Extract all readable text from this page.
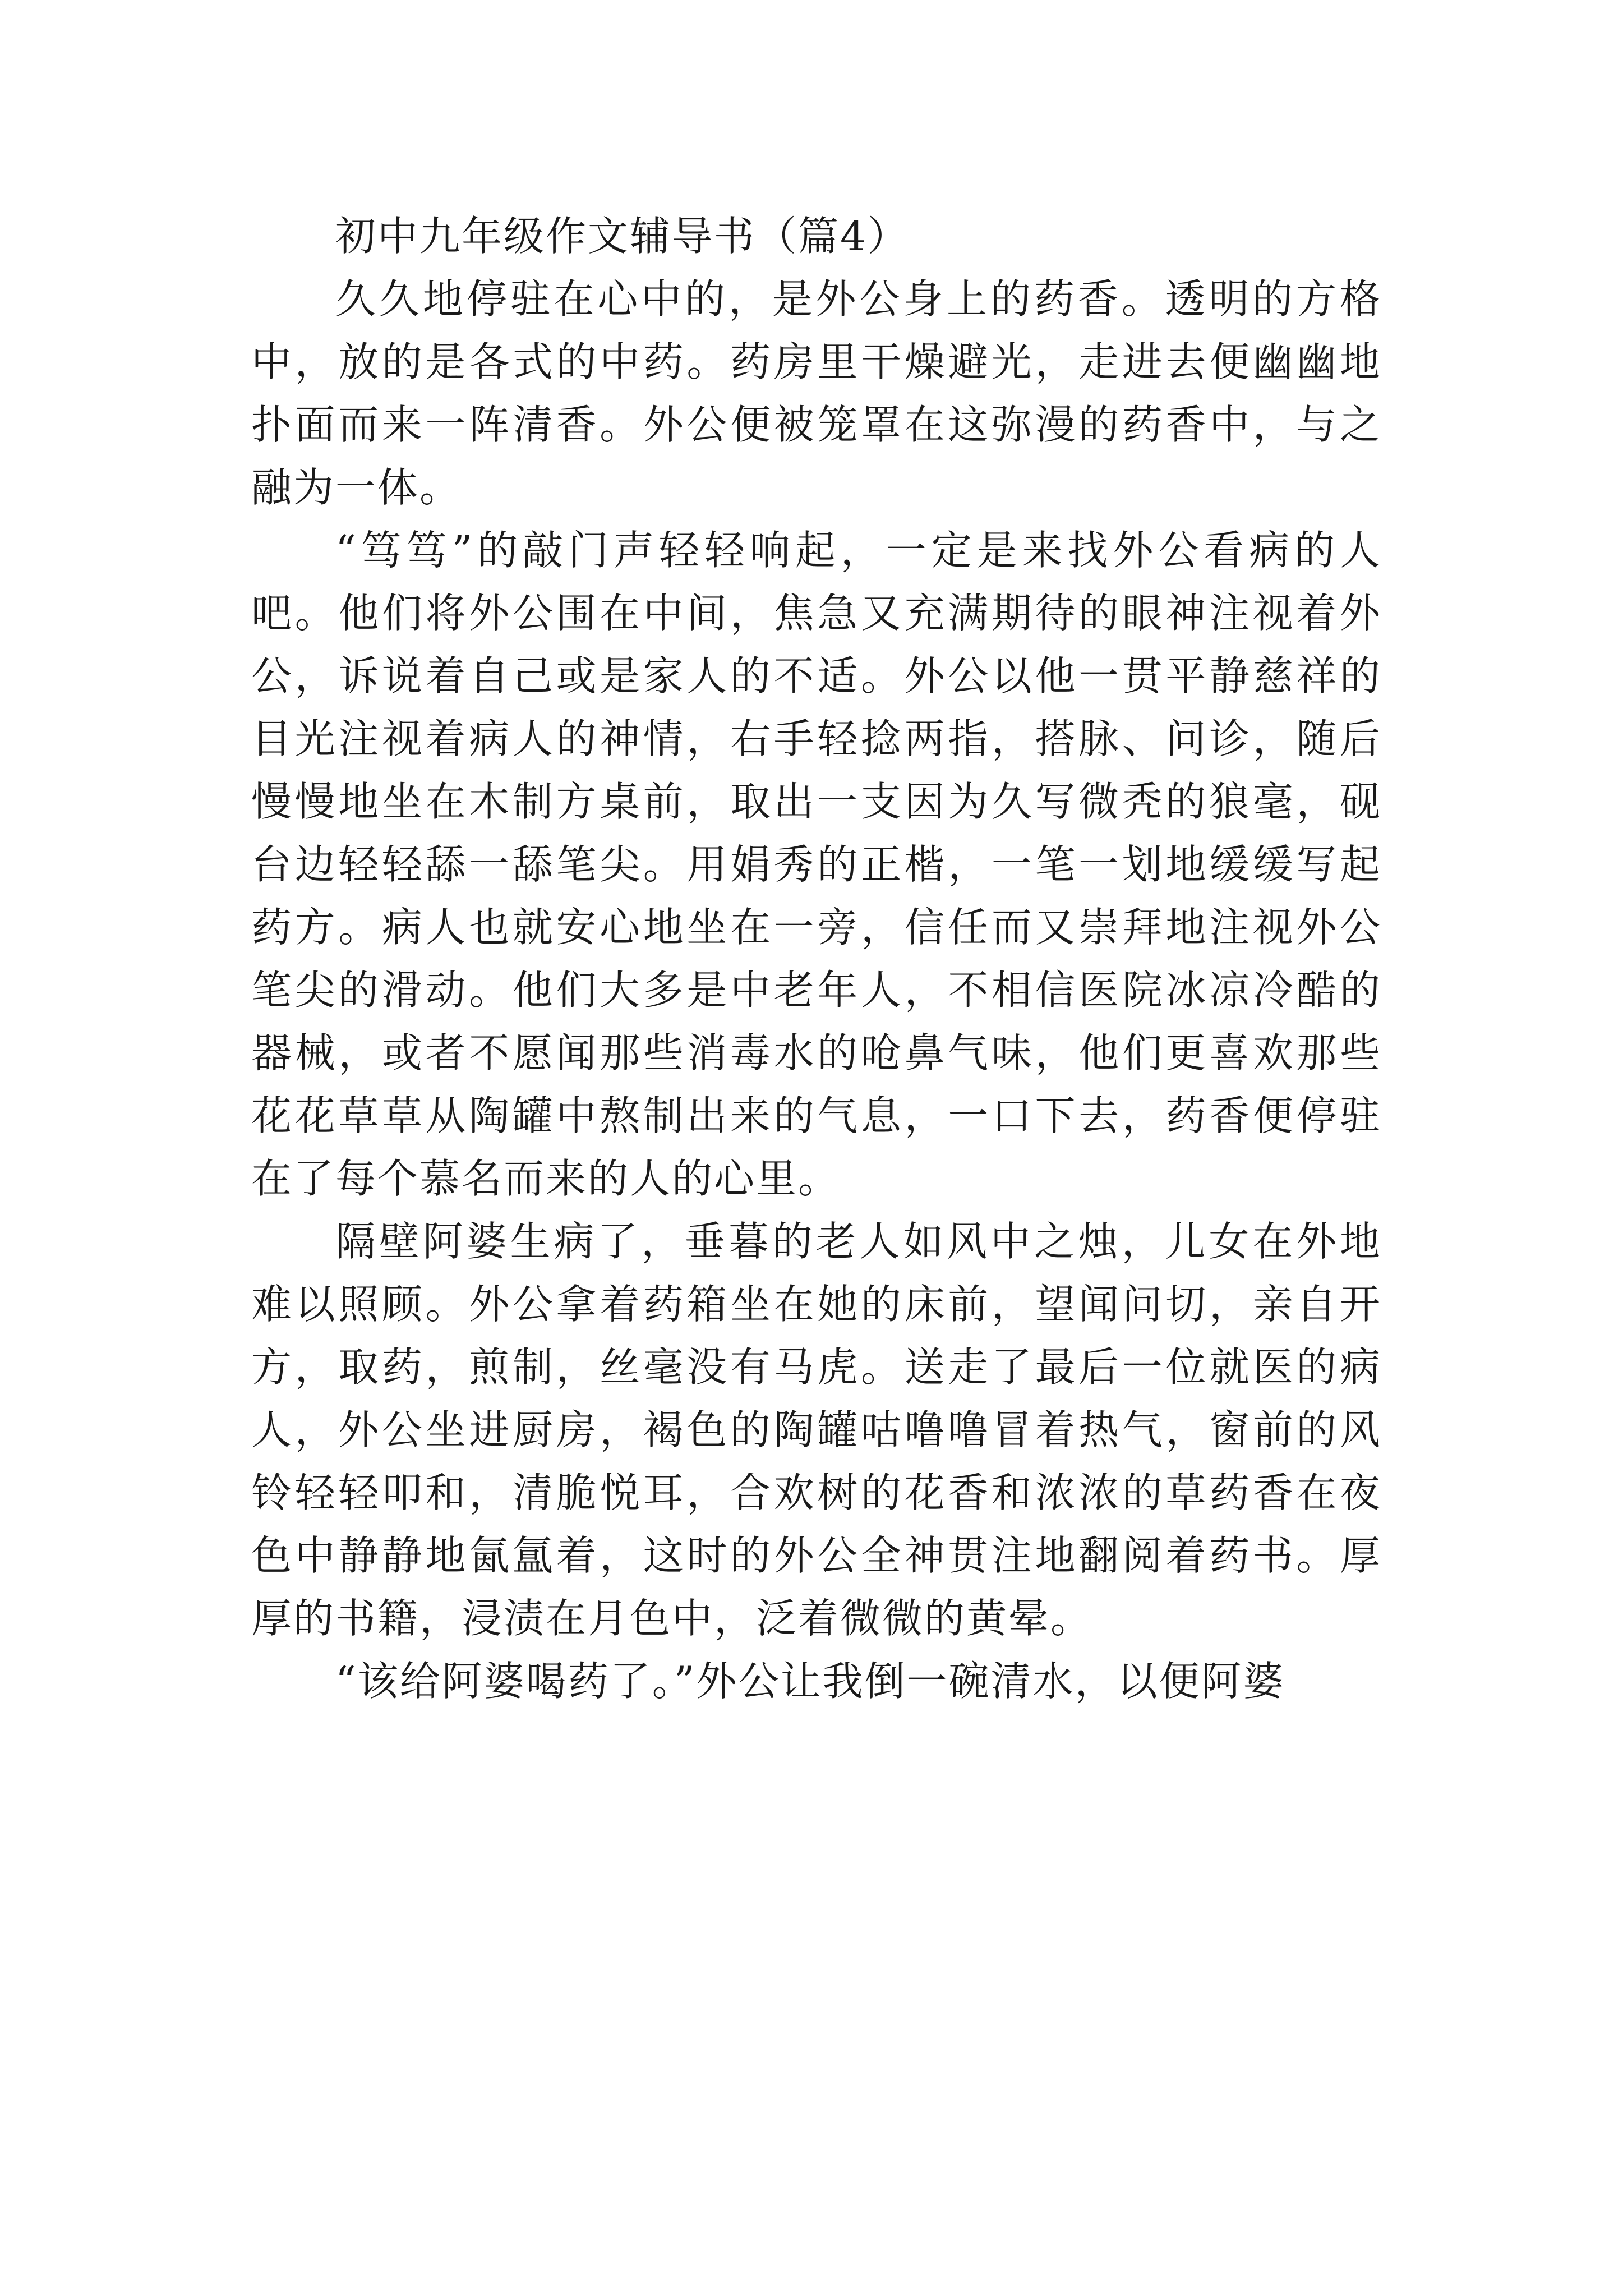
初中九年级作文辅导书（篇4）

久久地停驻在心中的，是外公身上的药香。透明的方格中，放的是各式的中药。药房里干燥避光，走进去便幽幽地扑面而来一阵清香。外公便被笼罩在这弥漫的药香中，与之融为一体。

“笃笃”的敲门声轻轻响起，一定是来找外公看病的人吧。他们将外公围在中间，焦急又充满期待的眼神注视着外公，诉说着自己或是家人的不适。外公以他一贯平静慈祥的目光注视着病人的神情，右手轻捻两指，搭脉、问诊，随后慢慢地坐在木制方桌前，取出一支因为久写微秃的狼毫，砚台边轻轻舔一舔笔尖。用娟秀的正楷，一笔一划地缓缓写起药方。病人也就安心地坐在一旁，信任而又崇拜地注视外公笔尖的滑动。他们大多是中老年人，不相信医院冰凉冷酷的器械，或者不愿闻那些消毒水的呛鼻气味，他们更喜欢那些花花草草从陶罐中熬制出来的气息，一口下去，药香便停驻在了每个慕名而来的人的心里。

隔壁阿婆生病了，垂暮的老人如风中之烛，儿女在外地难以照顾。外公拿着药箱坐在她的床前，望闻问切，亲自开方，取药，煎制，丝毫没有马虎。送走了最后一位就医的病人，外公坐进厨房，褐色的陶罐咕噜噜冒着热气，窗前的风铃轻轻叩和，清脆悦耳，合欢树的花香和浓浓的草药香在夜色中静静地氤氲着，这时的外公全神贯注地翻阅着药书。厚厚的书籍，浸渍在月色中，泛着微微的黄晕。

“该给阿婆喝药了。”外公让我倒一碗清水，以便阿婆
